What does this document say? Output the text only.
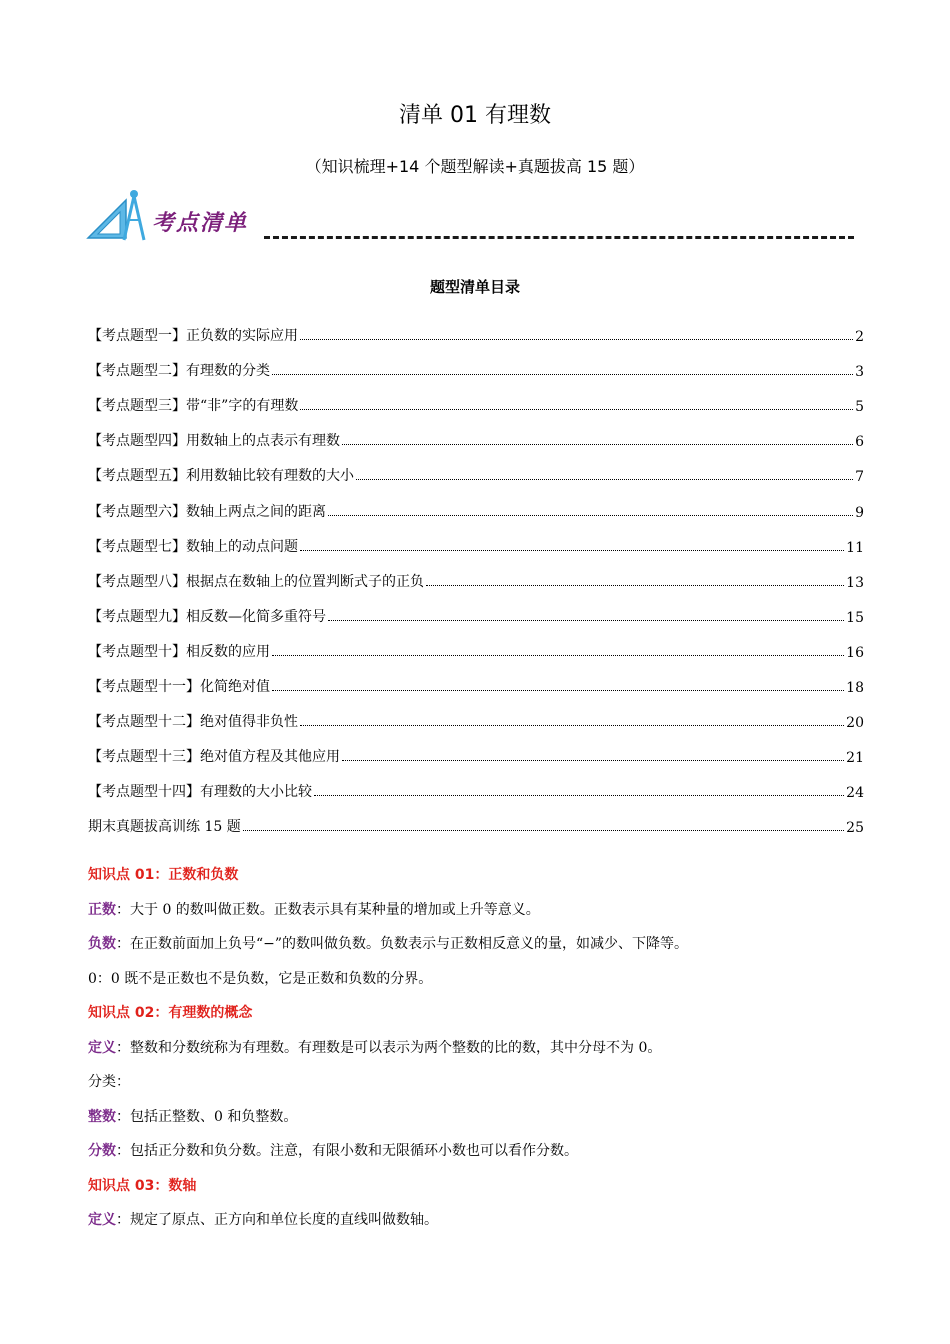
清单 01 有理数
（知识梳理+14 个题型解读+真题拔高 15 题）
考点清单
题型清单目录
【考点题型一】正负数的实际应用	2
【考点题型二】有理数的分类	3
【考点题型三】带“非”字的有理数	5
【考点题型四】用数轴上的点表示有理数	6
【考点题型五】利用数轴比较有理数的大小	7
【考点题型六】数轴上两点之间的距离	9
【考点题型七】数轴上的动点问题	11
【考点题型八】根据点在数轴上的位置判断式子的正负	13
【考点题型九】相反数—化简多重符号	15
【考点题型十】相反数的应用	16
【考点题型十一】化简绝对值	18
【考点题型十二】绝对值得非负性	20
【考点题型十三】绝对值方程及其他应用	21
【考点题型十四】有理数的大小比较	24
期末真题拔高训练 15 题	25
知识点 01：正数和负数
正数：大于 0 的数叫做正数。正数表示具有某种量的增加或上升等意义。
负数：在正数前面加上负号“−”的数叫做负数。负数表示与正数相反意义的量，如减少、下降等。
0：0 既不是正数也不是负数，它是正数和负数的分界。
知识点 02：有理数的概念
定义：整数和分数统称为有理数。有理数是可以表示为两个整数的比的数，其中分母不为 0。
分类：
整数：包括正整数、0 和负整数。
分数：包括正分数和负分数。注意，有限小数和无限循环小数也可以看作分数。
知识点 03：数轴
定义：规定了原点、正方向和单位长度的直线叫做数轴。
